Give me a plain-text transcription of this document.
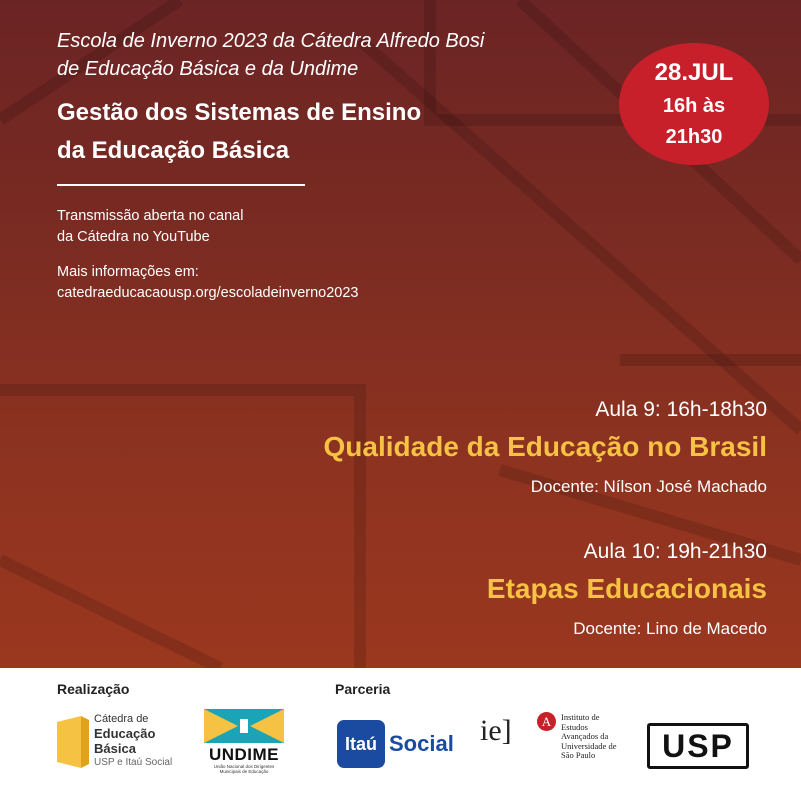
Escola de Inverno 2023 da Cátedra Alfredo Bosi
de Educação Básica e da Undime
Gestão dos Sistemas de Ensino
da Educação Básica
Transmissão aberta no canal
da Cátedra no YouTube
Mais informações em:
catedraeducacaousp.org/escoladeinverno2023
28.JUL
16h às
21h30
Aula 9: 16h-18h30
Qualidade da Educação no Brasil
Docente: Nílson José Machado
Aula 10: 19h-21h30
Etapas Educacionais
Docente: Lino de Macedo
Realização	Parceria
Cátedra de
Educação
Básica
USP e Itaú Social UNDIME
União Nacional dos Dirigentes
Municipais de Educação
Itaú Social ie]	A	Instituto de
Estudos
Avançados da
Universidade de
São Paulo	USP
